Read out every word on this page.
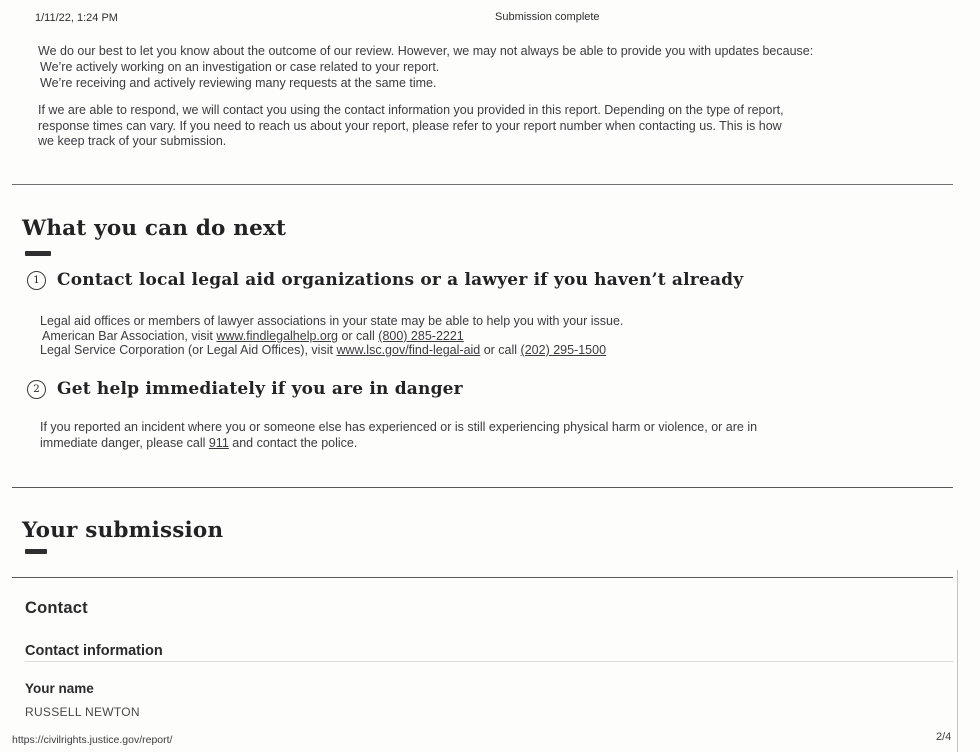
1/11/22, 1:24 PM	Submission complete
We do our best to let you know about the outcome of our review. However, we may not always be able to provide you with updates because:
We’re actively working on an investigation or case related to your report.
We’re receiving and actively reviewing many requests at the same time.
If we are able to respond, we will contact you using the contact information you provided in this report. Depending on the type of report, response times can vary. If you need to reach us about your report, please refer to your report number when contacting us. This is how we keep track of your submission.
What you can do next
1	Contact local legal aid organizations or a lawyer if you haven’t already
Legal aid offices or members of lawyer associations in your state may be able to help you with your issue.
American Bar Association, visit www.findlegalhelp.org or call (800) 285-2221
Legal Service Corporation (or Legal Aid Offices), visit www.lsc.gov/find-legal-aid or call (202) 295-1500
2	Get help immediately if you are in danger
If you reported an incident where you or someone else has experienced or is still experiencing physical harm or violence, or are in immediate danger, please call 911 and contact the police.
Your submission
Contact
Contact information
Your name
RUSSELL NEWTON
https://civilrights.justice.gov/report/	2/4
